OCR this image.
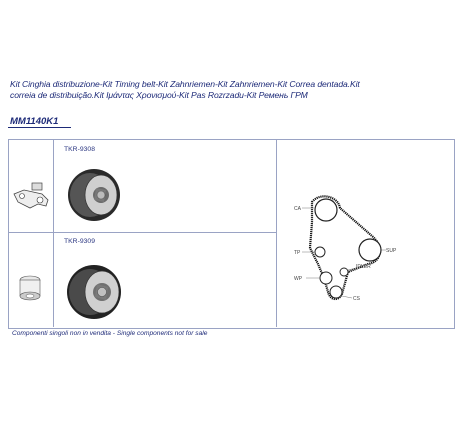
Kit Cinghia distribuzione-Kit Timing belt-Kit Zahnriemen-Kit Zahnriemen-Kit Correa dentada.Kit
correia de distribuição.Kit Ιμάντας Χρονισμού-Kit Pas Rozrzadu-Kit Ремень ГРМ
MM1140K1
TKR-9308
TKR-9309
CA
TP
WP
CS
SUP
IDLER
Componenti singoli non in vendita - Single components not for sale
